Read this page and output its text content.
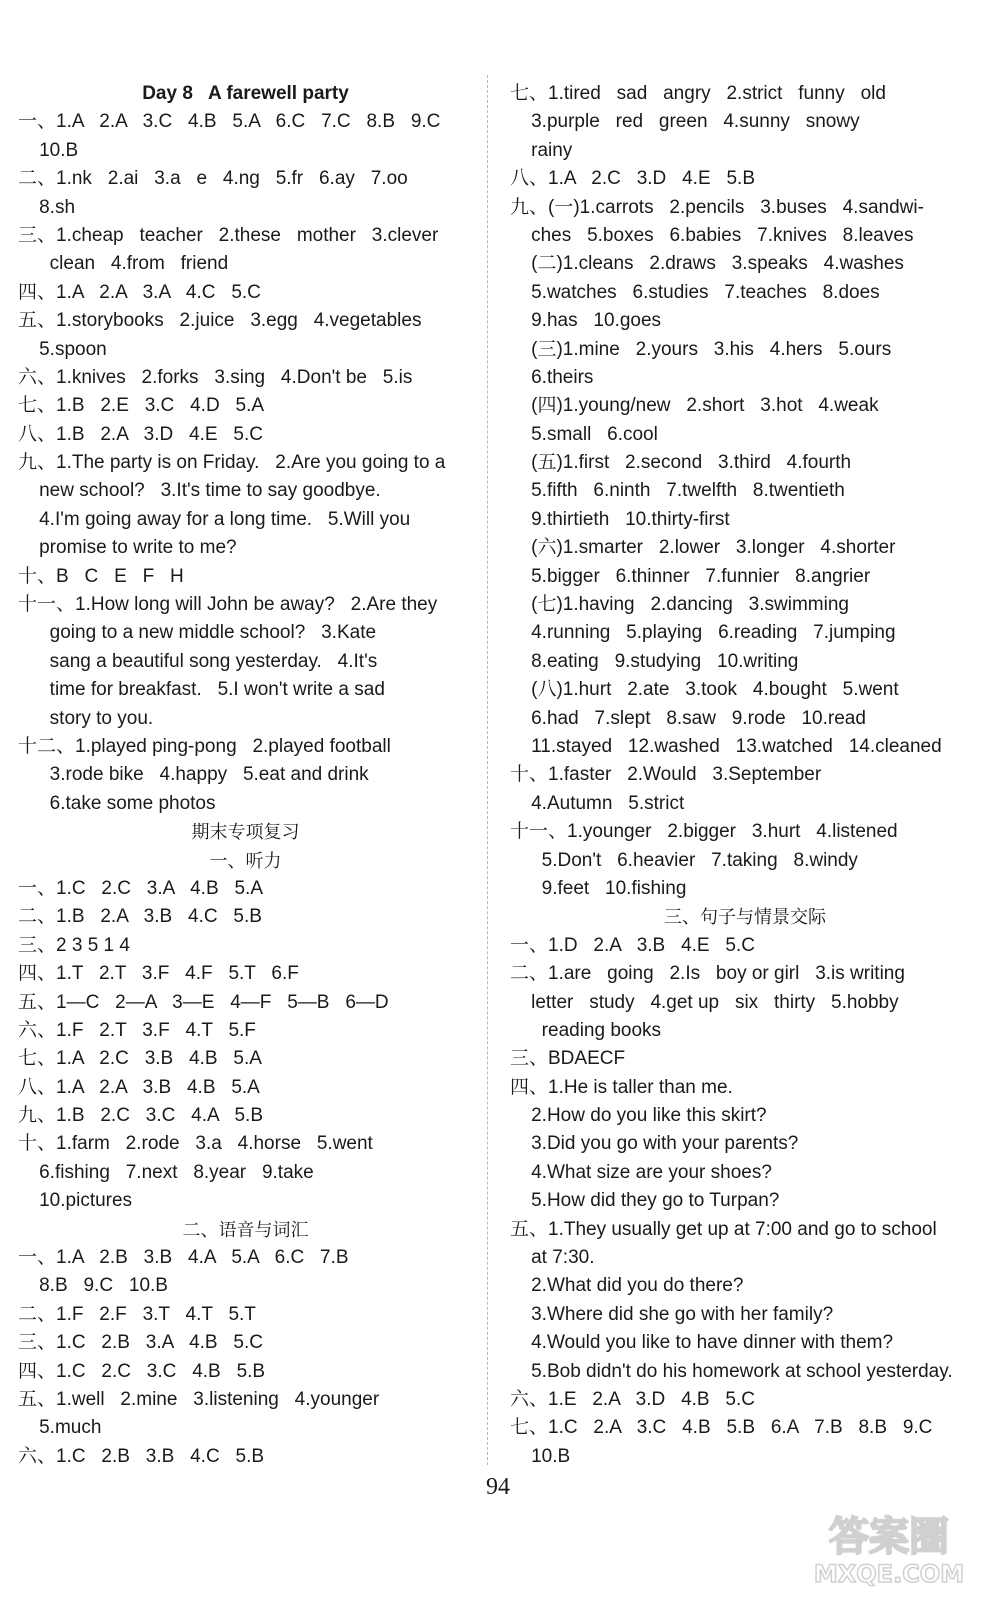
Day 8   A farewell party
一、1.A   2.A   3.C   4.B   5.A   6.C   7.C   8.B   9.C
10.B
二、1.nk   2.ai   3.a   e   4.ng   5.fr   6.ay   7.oo
8.sh
三、1.cheap   teacher   2.these   mother   3.clever
clean   4.from   friend
四、1.A   2.A   3.A   4.C   5.C
五、1.storybooks   2.juice   3.egg   4.vegetables
5.spoon
六、1.knives   2.forks   3.sing   4.Don't be   5.is
七、1.B   2.E   3.C   4.D   5.A
八、1.B   2.A   3.D   4.E   5.C
九、1.The party is on Friday.   2.Are you going to a
new school?   3.It's time to say goodbye.
4.I'm going away for a long time.   5.Will you
promise to write to me?
十、B   C   E   F   H
十一、1.How long will John be away?   2.Are they
going to a new middle school?   3.Kate
sang a beautiful song yesterday.   4.It's
time for breakfast.   5.I won't write a sad
story to you.
十二、1.played ping-pong   2.played football
3.rode bike   4.happy   5.eat and drink
6.take some photos
期末专项复习
一、听力
一、1.C   2.C   3.A   4.B   5.A
二、1.B   2.A   3.B   4.C   5.B
三、2 3 5 1 4
四、1.T   2.T   3.F   4.F   5.T   6.F
五、1—C   2—A   3—E   4—F   5—B   6—D
六、1.F   2.T   3.F   4.T   5.F
七、1.A   2.C   3.B   4.B   5.A
八、1.A   2.A   3.B   4.B   5.A
九、1.B   2.C   3.C   4.A   5.B
十、1.farm   2.rode   3.a   4.horse   5.went
6.fishing   7.next   8.year   9.take
10.pictures
二、语音与词汇
一、1.A   2.B   3.B   4.A   5.A   6.C   7.B
8.B   9.C   10.B
二、1.F   2.F   3.T   4.T   5.T
三、1.C   2.B   3.A   4.B   5.C
四、1.C   2.C   3.C   4.B   5.B
五、1.well   2.mine   3.listening   4.younger
5.much
六、1.C   2.B   3.B   4.C   5.B
七、1.tired   sad   angry   2.strict   funny   old
3.purple   red   green   4.sunny   snowy
rainy
八、1.A   2.C   3.D   4.E   5.B
九、(一)1.carrots   2.pencils   3.buses   4.sandwi-
ches   5.boxes   6.babies   7.knives   8.leaves
(二)1.cleans   2.draws   3.speaks   4.washes
5.watches   6.studies   7.teaches   8.does
9.has   10.goes
(三)1.mine   2.yours   3.his   4.hers   5.ours
6.theirs
(四)1.young/new   2.short   3.hot   4.weak
5.small   6.cool
(五)1.first   2.second   3.third   4.fourth
5.fifth   6.ninth   7.twelfth   8.twentieth
9.thirtieth   10.thirty-first
(六)1.smarter   2.lower   3.longer   4.shorter
5.bigger   6.thinner   7.funnier   8.angrier
(七)1.having   2.dancing   3.swimming
4.running   5.playing   6.reading   7.jumping
8.eating   9.studying   10.writing
(八)1.hurt   2.ate   3.took   4.bought   5.went
6.had   7.slept   8.saw   9.rode   10.read
11.stayed   12.washed   13.watched   14.cleaned
十、1.faster   2.Would   3.September
4.Autumn   5.strict
十一、1.younger   2.bigger   3.hurt   4.listened
5.Don't   6.heavier   7.taking   8.windy
9.feet   10.fishing
三、句子与情景交际
一、1.D   2.A   3.B   4.E   5.C
二、1.are   going   2.Is   boy or girl   3.is writing
letter   study   4.get up   six   thirty   5.hobby
reading books
三、BDAECF
四、1.He is taller than me.
2.How do you like this skirt?
3.Did you go with your parents?
4.What size are your shoes?
5.How did they go to Turpan?
五、1.They usually get up at 7:00 and go to school
at 7:30.
2.What did you do there?
3.Where did she go with her family?
4.Would you like to have dinner with them?
5.Bob didn't do his homework at school yesterday.
六、1.E   2.A   3.D   4.B   5.C
七、1.C   2.A   3.C   4.B   5.B   6.A   7.B   8.B   9.C
10.B
94
答案圈
MXQE.COM
